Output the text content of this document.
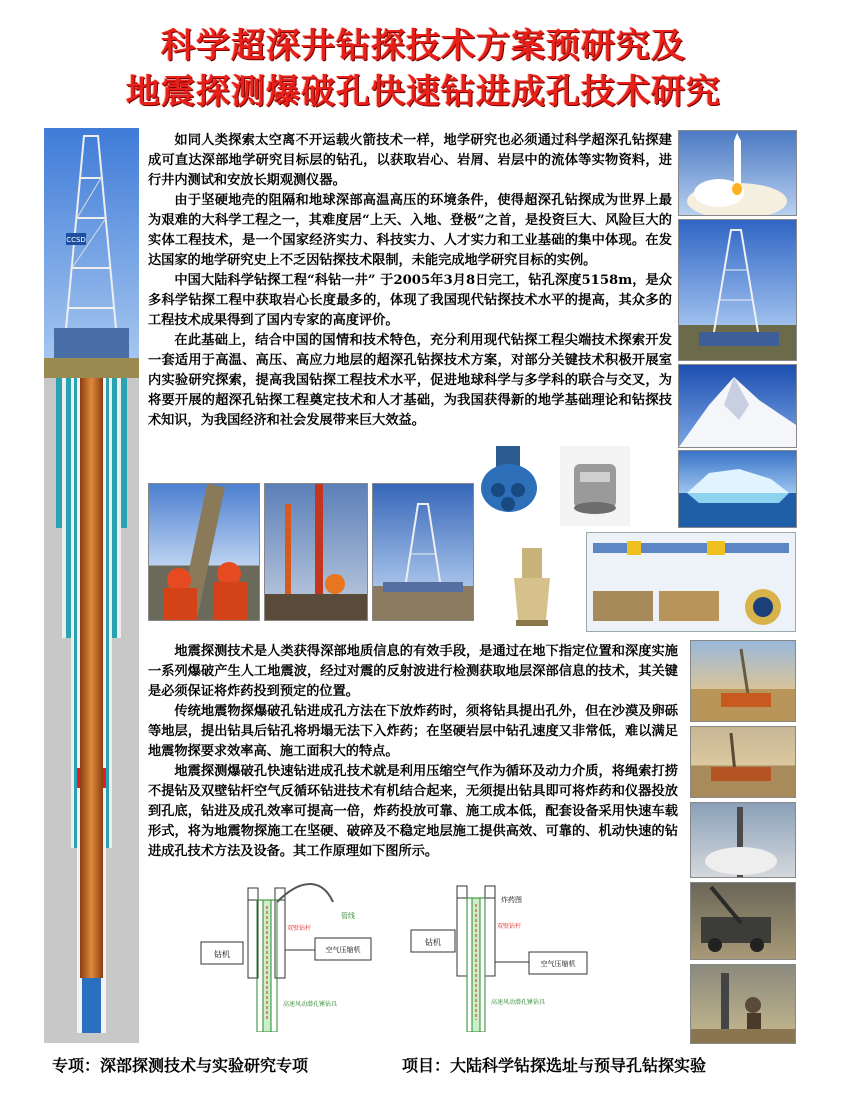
科学超深井钻探技术方案预研究及
地震探测爆破孔快速钻进成孔技术研究
CCSD

如同人类探索太空离不开运载火箭技术一样，地学研究也必须通过科学超深孔钻探建成可直达深部地学研究目标层的钻孔，以获取岩心、岩屑、岩层中的流体等实物资料，进行井内测试和安放长期观测仪器。

由于坚硬地壳的阻隔和地球深部高温高压的环境条件，使得超深孔钻探成为世界上最为艰难的大科学工程之一，其难度居“上天、入地、登极”之首，是投资巨大、风险巨大的实体工程技术，是一个国家经济实力、科技实力、人才实力和工业基础的集中体现。在发达国家的地学研究史上不乏因钻探技术限制，未能完成地学研究目标的实例。

中国大陆科学钻探工程“科钻一井” 于2005年3月8日完工，钻孔深度5158m，是众多科学钻探工程中获取岩心长度最多的，体现了我国现代钻探技术水平的提高，其众多的工程技术成果得到了国内专家的高度评价。

在此基础上，结合中国的国情和技术特色，充分利用现代钻探工程尖端技术探索开发一套适用于高温、高压、高应力地层的超深孔钻探技术方案，对部分关键技术积极开展室内实验研究探索，提高我国钻探工程技术水平，促进地球科学与多学科的联合与交叉，为将要开展的超深孔钻探工程奠定技术和人才基础，为我国获得新的地学基础理论和钻探技术知识，为我国经济和社会发展带来巨大效益。

地震探测技术是人类获得深部地质信息的有效手段，是通过在地下指定位置和深度实施一系列爆破产生人工地震波，经过对震的反射波进行检测获取地层深部信息的技术，其关键是必须保证将炸药投到预定的位置。

传统地震物探爆破孔钻进成孔方法在下放炸药时，须将钻具提出孔外，但在沙漠及卵砾等地层，提出钻具后钻孔将坍塌无法下入炸药；在坚硬岩层中钻孔速度又非常低，难以满足地震物探要求效率高、施工面积大的特点。

地震探测爆破孔快速钻进成孔技术就是利用压缩空气作为循环及动力介质，将绳索打捞不提钻及双壁钻杆空气反循环钻进技术有机结合起来，无须提出钻具即可将炸药和仪器投放到孔底，钻进及成孔效率可提高一倍，炸药投放可靠、施工成本低，配套设备采用快速车载形式，将为地震物探施工在坚硬、破碎及不稳定地层施工提供高效、可靠的、机动快速的钻进成孔技术方法及设备。其工作原理如下图所示。

钻机
管线
空气压缩机
双壁钻杆
高速风动潜孔锤钻具
钻机
炸药图
空气压缩机
双壁钻杆
高速风动潜孔锤钻具
专项：深部探测技术与实验研究专项	项目：大陆科学钻探选址与预导孔钻探实验
